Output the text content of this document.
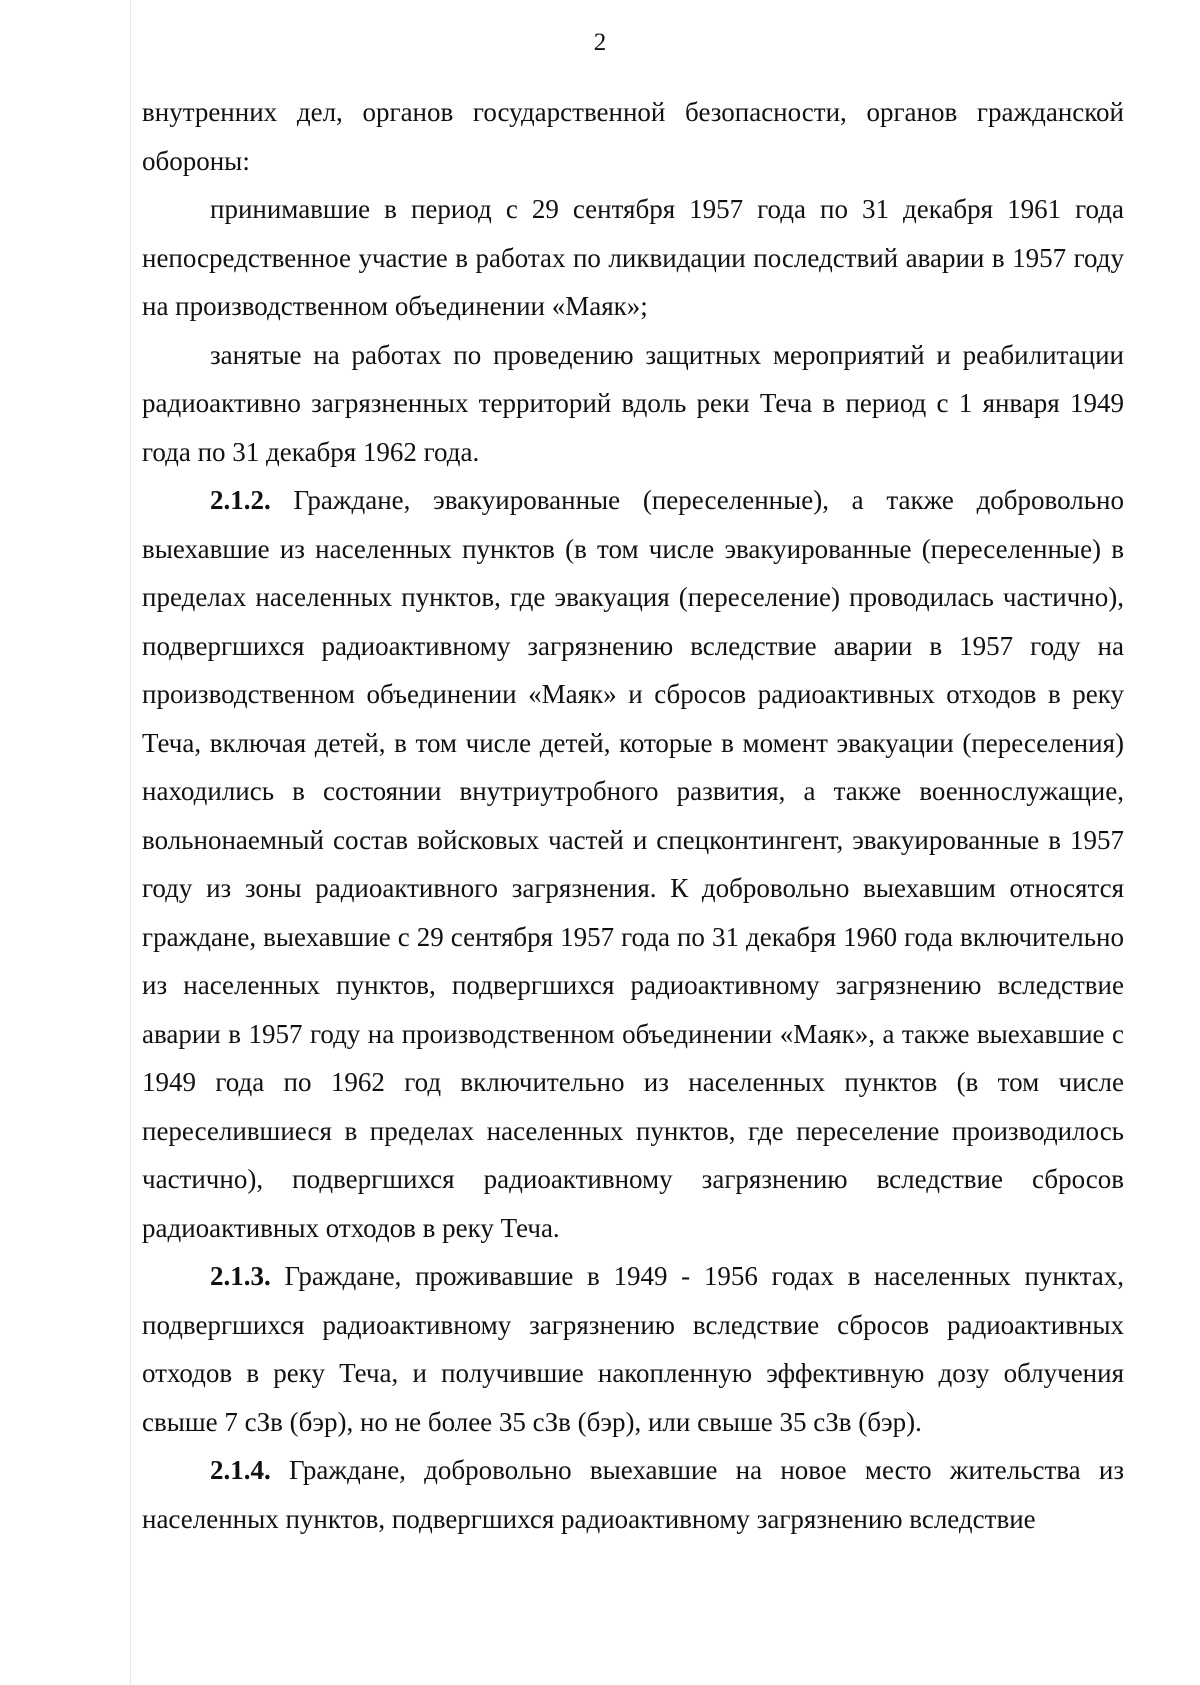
2

внутренних дел, органов государственной безопасности, органов гражданской обороны:

принимавшие в период с 29 сентября 1957 года по 31 декабря 1961 года непосредственное участие в работах по ликвидации последствий аварии в 1957 году на производственном объединении «Маяк»;

занятые на работах по проведению защитных мероприятий и реабилитации радиоактивно загрязненных территорий вдоль реки Теча в период с 1 января 1949 года по 31 декабря 1962 года.

2.1.2. Граждане, эвакуированные (переселенные), а также добровольно выехавшие из населенных пунктов (в том числе эвакуированные (переселенные) в пределах населенных пунктов, где эвакуация (переселение) проводилась частично), подвергшихся радиоактивному загрязнению вследствие аварии в 1957 году на производственном объединении «Маяк» и сбросов радиоактивных отходов в реку Теча, включая детей, в том числе детей, которые в момент эвакуации (переселения) находились в состоянии внутриутробного развития, а также военнослужащие, вольнонаемный состав войсковых частей и спецконтингент, эвакуированные в 1957 году из зоны радиоактивного загрязнения. К добровольно выехавшим относятся граждане, выехавшие с 29 сентября 1957 года по 31 декабря 1960 года включительно из населенных пунктов, подвергшихся радиоактивному загрязнению вследствие аварии в 1957 году на производственном объединении «Маяк», а также выехавшие с 1949 года по 1962 год включительно из населенных пунктов (в том числе переселившиеся в пределах населенных пунктов, где переселение производилось частично), подвергшихся радиоактивному загрязнению вследствие сбросов радиоактивных отходов в реку Теча.

2.1.3. Граждане, проживавшие в 1949 - 1956 годах в населенных пунктах, подвергшихся радиоактивному загрязнению вследствие сбросов радиоактивных отходов в реку Теча, и получившие накопленную эффективную дозу облучения свыше 7 сЗв (бэр), но не более 35 сЗв (бэр), или свыше 35 сЗв (бэр).

2.1.4. Граждане, добровольно выехавшие на новое место жительства из населенных пунктов, подвергшихся радиоактивному загрязнению вследствие
